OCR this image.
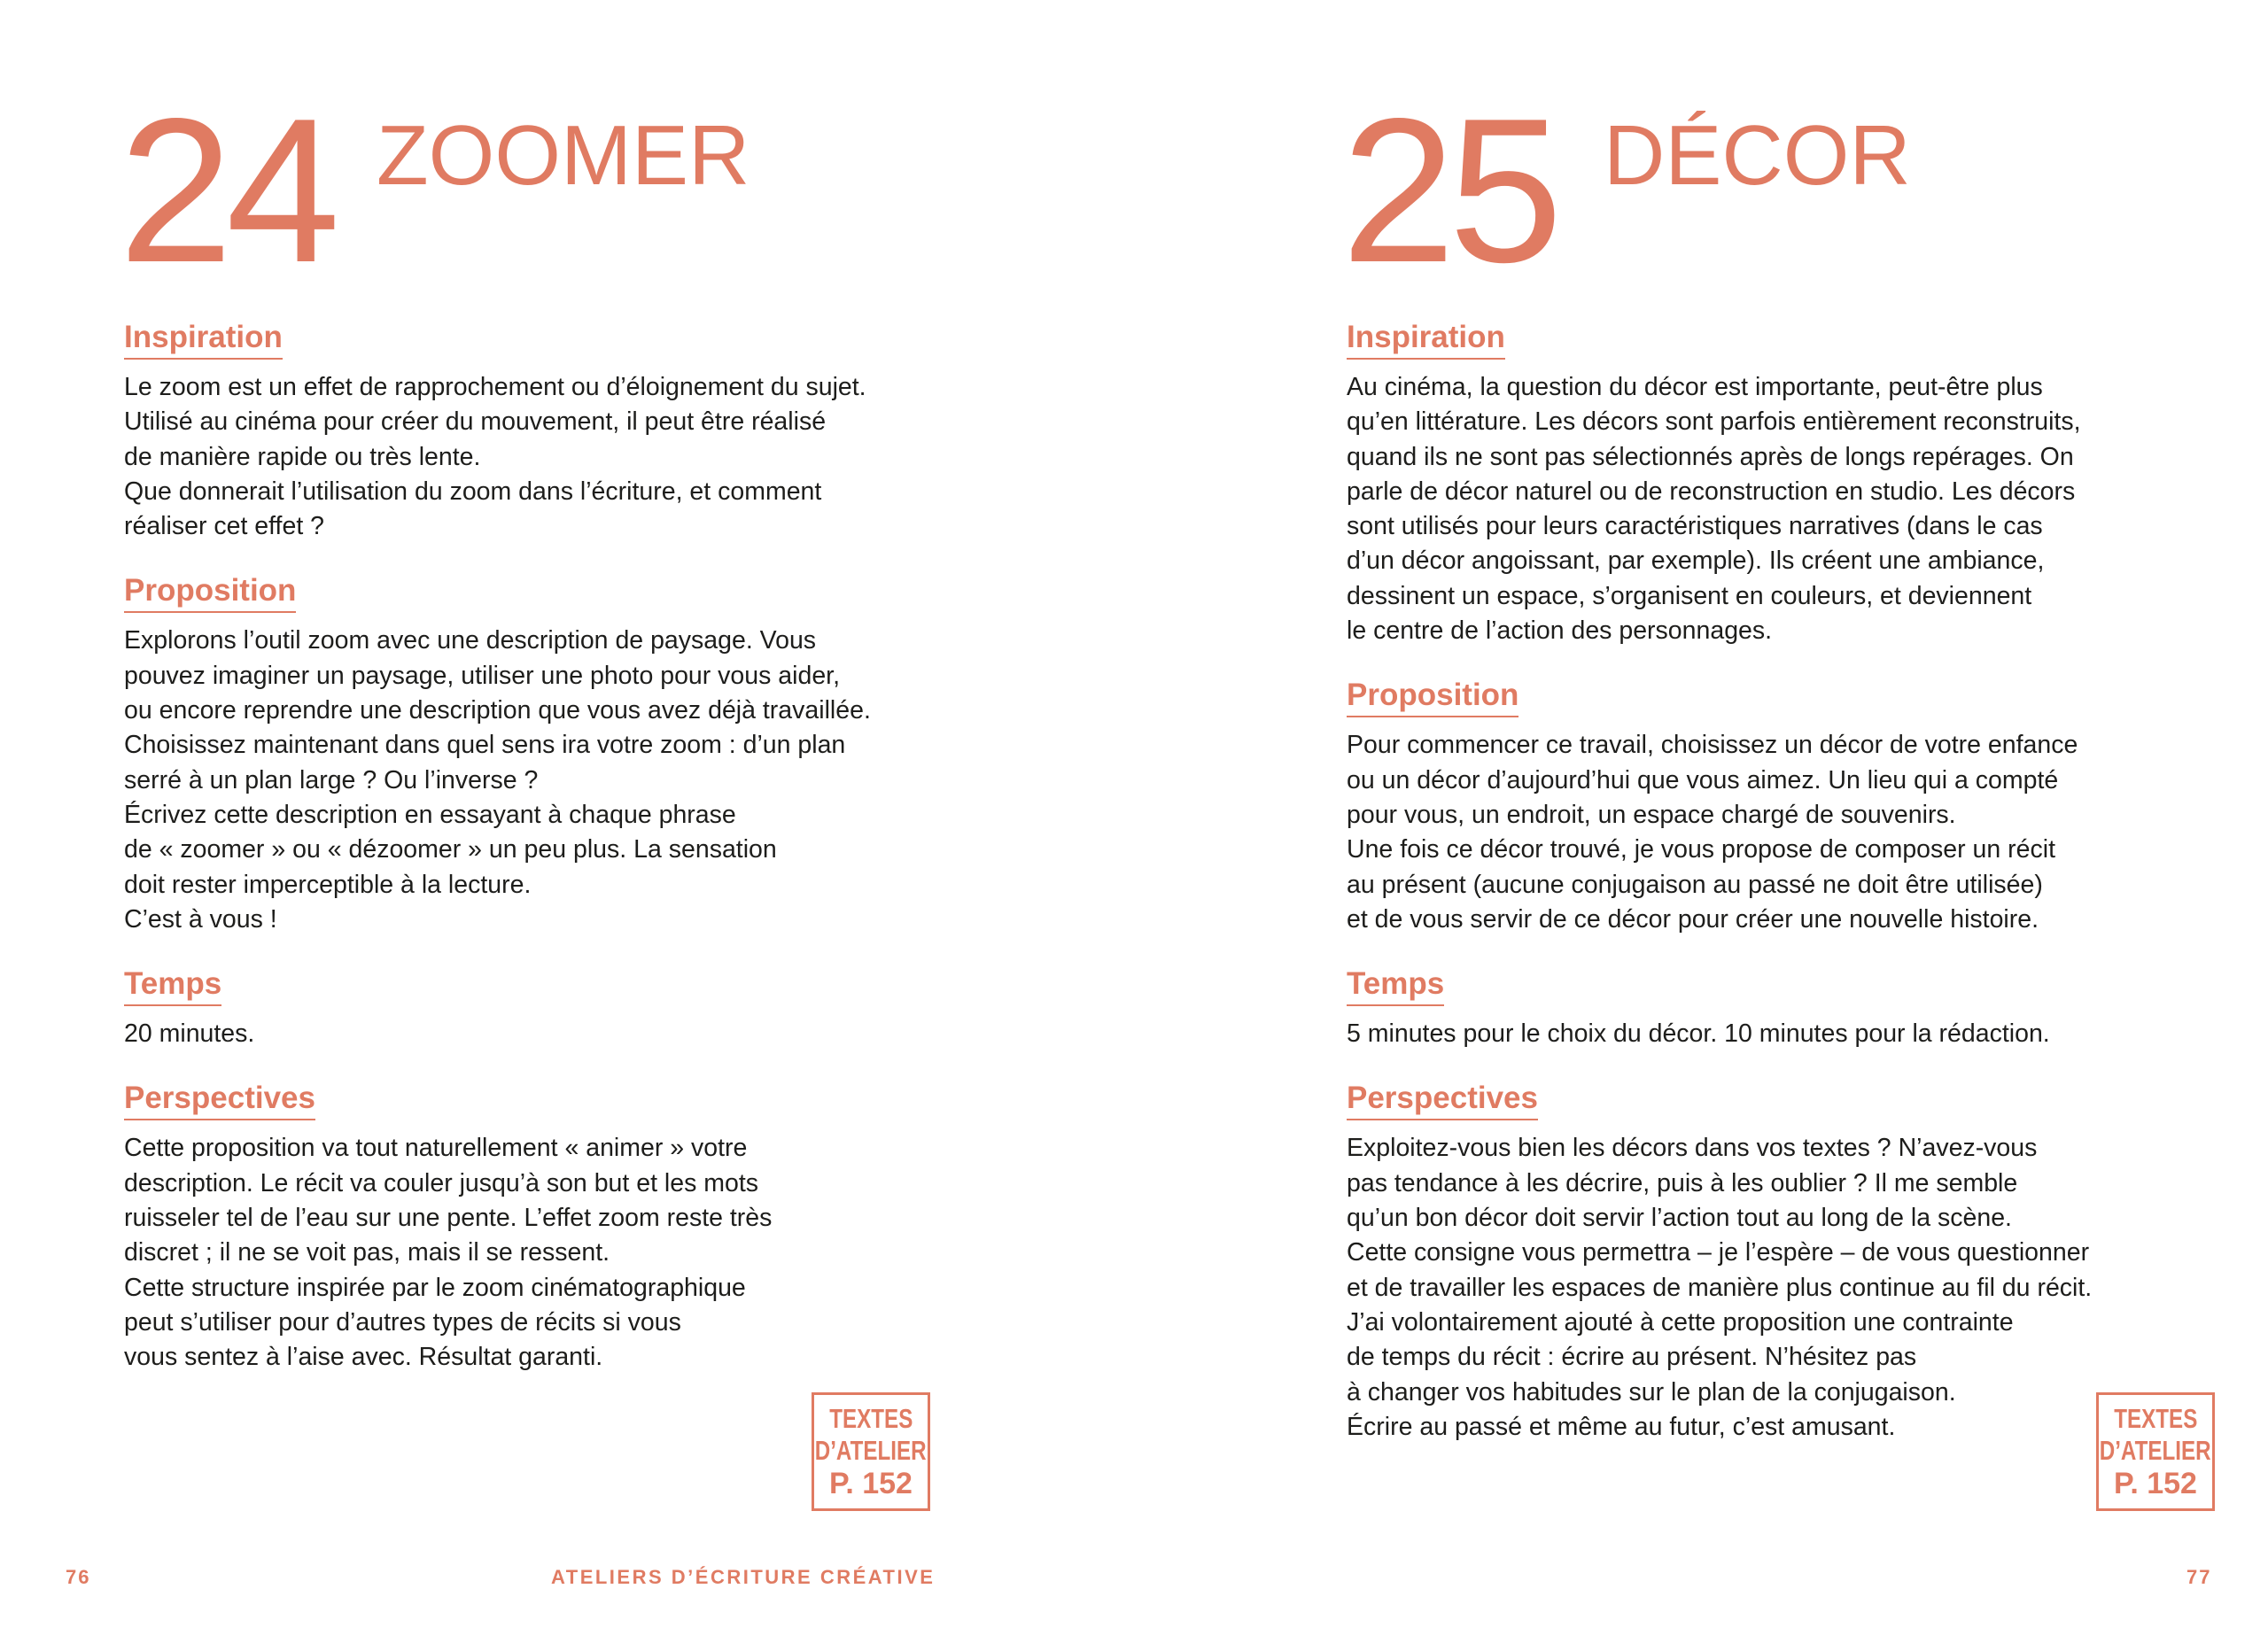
24 ZOOMER
Inspiration

Le zoom est un effet de rapprochement ou d’éloignement du sujet.
Utilisé au cinéma pour créer du mouvement, il peut être réalisé
de manière rapide ou très lente.
Que donnerait l’utilisation du zoom dans l’écriture, et comment
réaliser cet effet ?

Proposition

Explorons l’outil zoom avec une description de paysage. Vous
pouvez imaginer un paysage, utiliser une photo pour vous aider,
ou encore reprendre une description que vous avez déjà travaillée.
Choisissez maintenant dans quel sens ira votre zoom : d’un plan
serré à un plan large ? Ou l’inverse ?
Écrivez cette description en essayant à chaque phrase
de « zoomer » ou « dézoomer » un peu plus. La sensation
doit rester imperceptible à la lecture.
C’est à vous !

Temps

20 minutes.

Perspectives

Cette proposition va tout naturellement « animer » votre
description. Le récit va couler jusqu’à son but et les mots
ruisseler tel de l’eau sur une pente. L’effet zoom reste très
discret ; il ne se voit pas, mais il se ressent.
Cette structure inspirée par le zoom cinématographique
peut s’utiliser pour d’autres types de récits si vous
vous sentez à l’aise avec. Résultat garanti.

TEXTES
D’ATELIER
P. 152
25 DÉCOR
Inspiration

Au cinéma, la question du décor est importante, peut-être plus
qu’en littérature. Les décors sont parfois entièrement reconstruits,
quand ils ne sont pas sélectionnés après de longs repérages. On
parle de décor naturel ou de reconstruction en studio. Les décors
sont utilisés pour leurs caractéristiques narratives (dans le cas
d’un décor angoissant, par exemple). Ils créent une ambiance,
dessinent un espace, s’organisent en couleurs, et deviennent
le centre de l’action des personnages.

Proposition

Pour commencer ce travail, choisissez un décor de votre enfance
ou un décor d’aujourd’hui que vous aimez. Un lieu qui a compté
pour vous, un endroit, un espace chargé de souvenirs.
Une fois ce décor trouvé, je vous propose de composer un récit
au présent (aucune conjugaison au passé ne doit être utilisée)
et de vous servir de ce décor pour créer une nouvelle histoire.

Temps

5 minutes pour le choix du décor. 10 minutes pour la rédaction.

Perspectives

Exploitez-vous bien les décors dans vos textes ? N’avez-vous
pas tendance à les décrire, puis à les oublier ? Il me semble
qu’un bon décor doit servir l’action tout au long de la scène.
Cette consigne vous permettra – je l’espère – de vous questionner
et de travailler les espaces de manière plus continue au fil du récit.
J’ai volontairement ajouté à cette proposition une contrainte
de temps du récit : écrire au présent. N’hésitez pas
à changer vos habitudes sur le plan de la conjugaison.
Écrire au passé et même au futur, c’est amusant.	TEXTES
D’ATELIER
P. 152
76	ATELIERS D’ÉCRITURE CRÉATIVE	77
